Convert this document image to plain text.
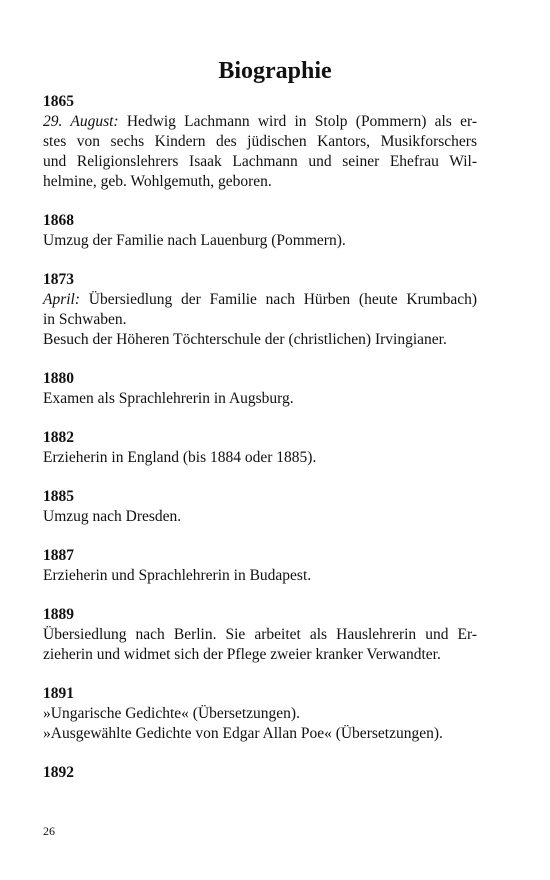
Biographie
1865
29. August: Hedwig Lachmann wird in Stolp (Pommern) als er-
stes von sechs Kindern des jüdischen Kantors, Musikforschers
und Religionslehrers Isaak Lachmann und seiner Ehefrau Wil-
helmine, geb. Wohlgemuth, geboren.
1868
Umzug der Familie nach Lauenburg (Pommern).
1873
April: Übersiedlung der Familie nach Hürben (heute Krumbach)
in Schwaben.
Besuch der Höheren Töchterschule der (christlichen) Irvingianer.
1880
Examen als Sprachlehrerin in Augsburg.
1882
Erzieherin in England (bis 1884 oder 1885).
1885
Umzug nach Dresden.
1887
Erzieherin und Sprachlehrerin in Budapest.
1889
Übersiedlung nach Berlin. Sie arbeitet als Hauslehrerin und Er-
zieherin und widmet sich der Pflege zweier kranker Verwandter.
1891
»Ungarische Gedichte« (Übersetzungen).
»Ausgewählte Gedichte von Edgar Allan Poe« (Übersetzungen).
1892
26
